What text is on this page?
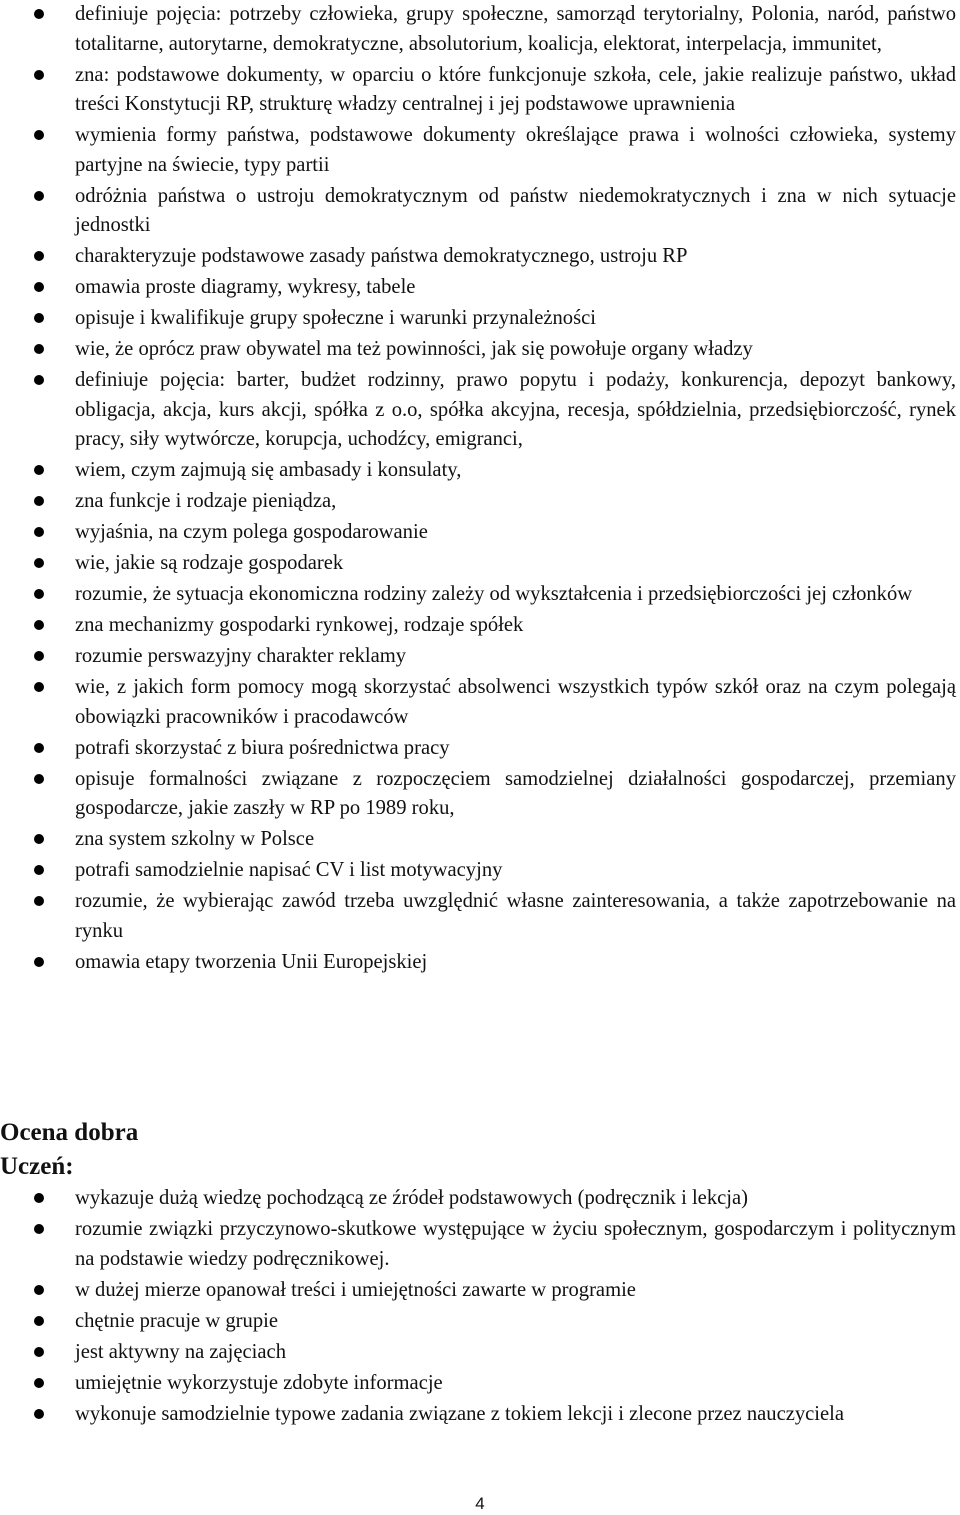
definiuje pojęcia: potrzeby człowieka, grupy społeczne, samorząd terytorialny, Polonia, naród, państwo totalitarne, autorytarne, demokratyczne, absolutorium, koalicja, elektorat, interpelacja, immunitet,
zna: podstawowe dokumenty, w oparciu o które funkcjonuje szkoła, cele, jakie realizuje państwo, układ treści Konstytucji RP, strukturę władzy centralnej i jej podstawowe uprawnienia
wymienia formy państwa, podstawowe dokumenty określające prawa i wolności człowieka, systemy partyjne na świecie, typy partii
odróżnia państwa o ustroju demokratycznym od państw niedemokratycznych i zna w nich sytuacje jednostki
charakteryzuje podstawowe zasady państwa demokratycznego, ustroju RP
omawia proste diagramy, wykresy, tabele
opisuje i kwalifikuje grupy społeczne i warunki przynależności
wie, że oprócz praw obywatel ma też powinności, jak się powołuje organy władzy
definiuje pojęcia: barter, budżet rodzinny, prawo popytu i podaży, konkurencja, depozyt bankowy, obligacja, akcja, kurs akcji, spółka z o.o, spółka akcyjna, recesja, spółdzielnia, przedsiębiorczość, rynek pracy, siły wytwórcze, korupcja, uchodźcy, emigranci,
wiem, czym zajmują się ambasady i konsulaty,
zna funkcje i rodzaje pieniądza,
wyjaśnia, na czym polega gospodarowanie
wie, jakie są rodzaje gospodarek
rozumie, że sytuacja ekonomiczna rodziny zależy od wykształcenia i przedsiębiorczości jej członków
zna mechanizmy gospodarki rynkowej, rodzaje spółek
rozumie perswazyjny charakter reklamy
wie, z jakich form pomocy mogą skorzystać absolwenci wszystkich typów szkół oraz na czym polegają obowiązki pracowników i pracodawców
potrafi skorzystać z biura pośrednictwa pracy
opisuje formalności związane z rozpoczęciem samodzielnej działalności gospodarczej, przemiany gospodarcze, jakie zaszły w RP po 1989 roku,
zna system szkolny w Polsce
potrafi samodzielnie napisać CV i list motywacyjny
rozumie, że wybierając zawód trzeba uwzględnić własne zainteresowania, a także zapotrzebowanie na rynku
omawia etapy tworzenia Unii Europejskiej
Ocena dobra
Uczeń:
wykazuje dużą wiedzę pochodzącą ze źródeł podstawowych (podręcznik i lekcja)
rozumie związki przyczynowo-skutkowe występujące w życiu społecznym, gospodarczym i politycznym na podstawie wiedzy podręcznikowej.
w dużej mierze opanował treści i umiejętności zawarte w programie
chętnie pracuje w grupie
jest aktywny na zajęciach
umiejętnie wykorzystuje zdobyte informacje
wykonuje samodzielnie typowe zadania związane z tokiem lekcji i zlecone przez nauczyciela
4
